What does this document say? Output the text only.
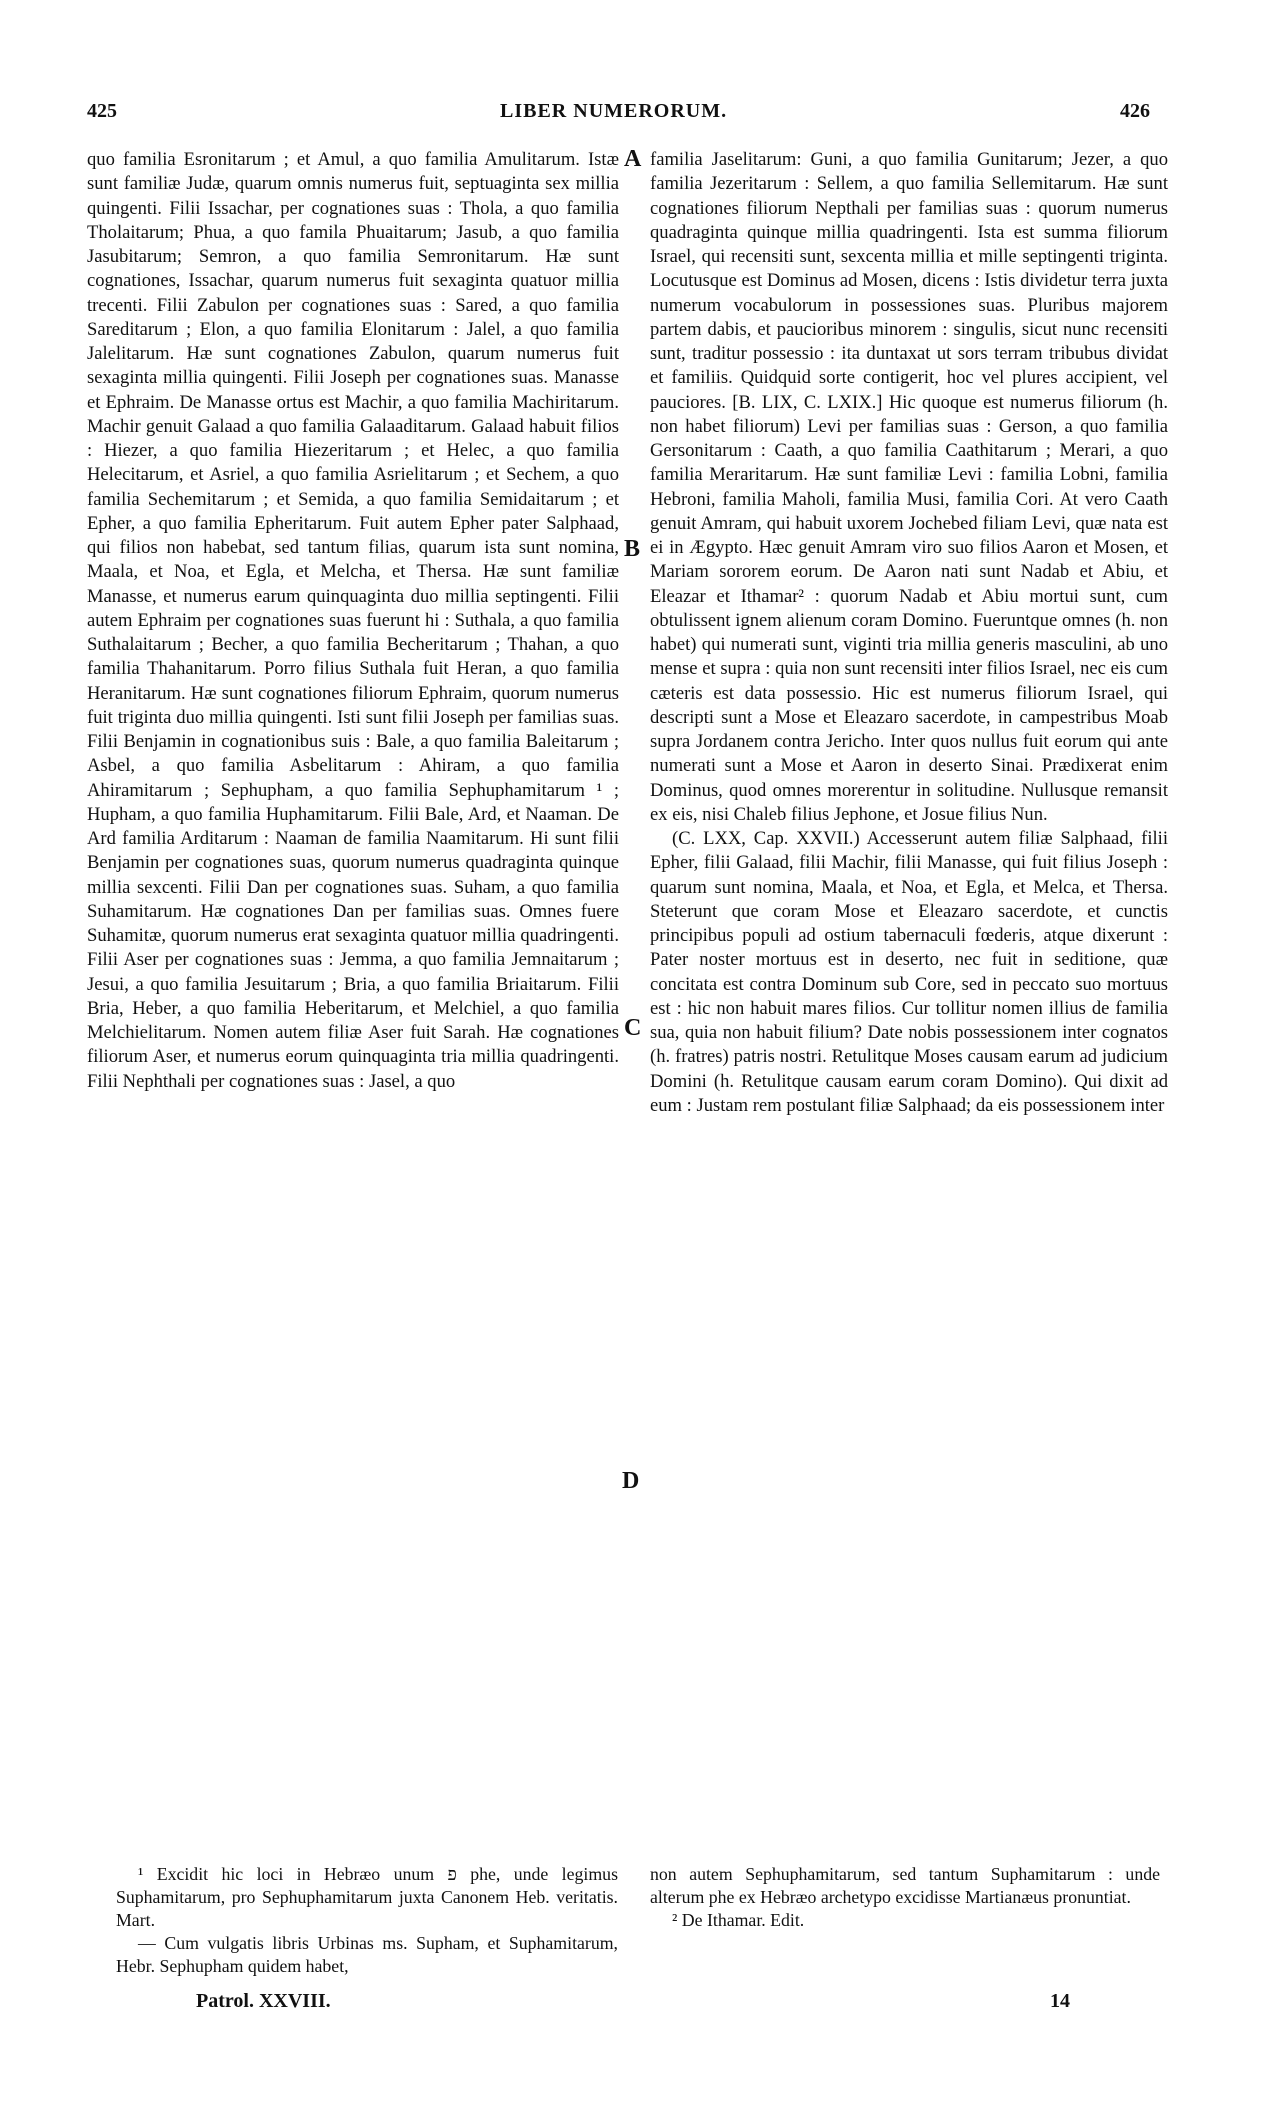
425	LIBER NUMERORUM.	426

quo familia Esronitarum ; et Amul, a quo familia Amulitarum. Istæ sunt familiæ Judæ, quarum omnis numerus fuit, septuaginta sex millia quingenti. Filii Issachar, per cognationes suas : Thola, a quo familia Tholaitarum; Phua, a quo famila Phuaitarum; Jasub, a quo familia Jasubitarum; Semron, a quo familia Semronitarum. Hæ sunt cognationes, Issachar, quarum numerus fuit sexaginta quatuor millia trecenti. Filii Zabulon per cognationes suas : Sared, a quo familia Sareditarum ; Elon, a quo familia Elonitarum : Jalel, a quo familia Jalelitarum. Hæ sunt cognationes Zabulon, quarum numerus fuit sexaginta millia quingenti. Filii Joseph per cognationes suas. Manasse et Ephraim. De Manasse ortus est Machir, a quo familia Machiritarum. Machir genuit Galaad a quo familia Galaaditarum. Galaad habuit filios : Hiezer, a quo familia Hiezeritarum ; et Helec, a quo familia Helecitarum, et Asriel, a quo familia Asrielitarum ; et Sechem, a quo familia Sechemitarum ; et Semida, a quo familia Semidaitarum ; et Epher, a quo familia Epheritarum. Fuit autem Epher pater Salphaad, qui filios non habebat, sed tantum filias, quarum ista sunt nomina, Maala, et Noa, et Egla, et Melcha, et Thersa. Hæ sunt familiæ Manasse, et numerus earum quinquaginta duo millia septingenti. Filii autem Ephraim per cognationes suas fuerunt hi : Suthala, a quo familia Suthalaitarum ; Becher, a quo familia Becheritarum ; Thahan, a quo familia Thahanitarum. Porro filius Suthala fuit Heran, a quo familia Heranitarum. Hæ sunt cognationes filiorum Ephraim, quorum numerus fuit triginta duo millia quingenti. Isti sunt filii Joseph per familias suas. Filii Benjamin in cognationibus suis : Bale, a quo familia Baleitarum ; Asbel, a quo familia Asbelitarum : Ahiram, a quo familia Ahiramitarum ; Sephupham, a quo familia Sephuphamitarum ¹ ; Hupham, a quo familia Huphamitarum. Filii Bale, Ard, et Naaman. De Ard familia Arditarum : Naaman de familia Naamitarum. Hi sunt filii Benjamin per cognationes suas, quorum numerus quadraginta quinque millia sexcenti. Filii Dan per cognationes suas. Suham, a quo familia Suhamitarum. Hæ cognationes Dan per familias suas. Omnes fuere Suhamitæ, quorum numerus erat sexaginta quatuor millia quadringenti. Filii Aser per cognationes suas : Jemma, a quo familia Jemnaitarum ; Jesui, a quo familia Jesuitarum ; Bria, a quo familia Briaitarum. Filii Bria, Heber, a quo familia Heberitarum, et Melchiel, a quo familia Melchielitarum. Nomen autem filiæ Aser fuit Sarah. Hæ cognationes filiorum Aser, et numerus eorum quinquaginta tria millia quadringenti. Filii Nephthali per cognationes suas : Jasel, a quo

A
B
C
D

familia Jaselitarum: Guni, a quo familia Gunitarum; Jezer, a quo familia Jezeritarum : Sellem, a quo familia Sellemitarum. Hæ sunt cognationes filiorum Nepthali per familias suas : quorum numerus quadraginta quinque millia quadringenti. Ista est summa filiorum Israel, qui recensiti sunt, sexcenta millia et mille septingenti triginta. Locutusque est Dominus ad Mosen, dicens : Istis dividetur terra juxta numerum vocabulorum in possessiones suas. Pluribus majorem partem dabis, et paucioribus minorem : singulis, sicut nunc recensiti sunt, traditur possessio : ita duntaxat ut sors terram tribubus dividat et familiis. Quidquid sorte contigerit, hoc vel plures accipient, vel pauciores. [B. LIX, C. LXIX.] Hic quoque est numerus filiorum (h. non habet filiorum) Levi per familias suas : Gerson, a quo familia Gersonitarum : Caath, a quo familia Caathitarum ; Merari, a quo familia Meraritarum. Hæ sunt familiæ Levi : familia Lobni, familia Hebroni, familia Maholi, familia Musi, familia Cori. At vero Caath genuit Amram, qui habuit uxorem Jochebed filiam Levi, quæ nata est ei in Ægypto. Hæc genuit Amram viro suo filios Aaron et Mosen, et Mariam sororem eorum. De Aaron nati sunt Nadab et Abiu, et Eleazar et Ithamar² : quorum Nadab et Abiu mortui sunt, cum obtulissent ignem alienum coram Domino. Fueruntque omnes (h. non habet) qui numerati sunt, viginti tria millia generis masculini, ab uno mense et supra : quia non sunt recensiti inter filios Israel, nec eis cum cæteris est data possessio. Hic est numerus filiorum Israel, qui descripti sunt a Mose et Eleazaro sacerdote, in campestribus Moab supra Jordanem contra Jericho. Inter quos nullus fuit eorum qui ante numerati sunt a Mose et Aaron in deserto Sinai. Prædixerat enim Dominus, quod omnes morerentur in solitudine. Nullusque remansit ex eis, nisi Chaleb filius Jephone, et Josue filius Nun.

(C. LXX, Cap. XXVII.) Accesserunt autem filiæ Salphaad, filii Epher, filii Galaad, filii Machir, filii Manasse, qui fuit filius Joseph : quarum sunt nomina, Maala, et Noa, et Egla, et Melca, et Thersa. Steterunt que coram Mose et Eleazaro sacerdote, et cunctis principibus populi ad ostium tabernaculi fœderis, atque dixerunt : Pater noster mortuus est in deserto, nec fuit in seditione, quæ concitata est contra Dominum sub Core, sed in peccato suo mortuus est : hic non habuit mares filios. Cur tollitur nomen illius de familia sua, quia non habuit filium? Date nobis possessionem inter cognatos (h. fratres) patris nostri. Retulitque Moses causam earum ad judicium Domini (h. Retulitque causam earum coram Domino). Qui dixit ad eum : Justam rem postulant filiæ Salphaad; da eis possessionem inter

¹ Excidit hic loci in Hebræo unum פ phe, unde legimus Suphamitarum, pro Sephuphamitarum juxta Canonem Heb. veritatis. Mart.

— Cum vulgatis libris Urbinas ms. Supham, et Suphamitarum, Hebr. Sephupham quidem habet,

non autem Sephuphamitarum, sed tantum Suphamitarum : unde alterum phe ex Hebræo archetypo excidisse Martianæus pronuntiat.

² De Ithamar. Edit.

Patrol. XXVIII.	14
